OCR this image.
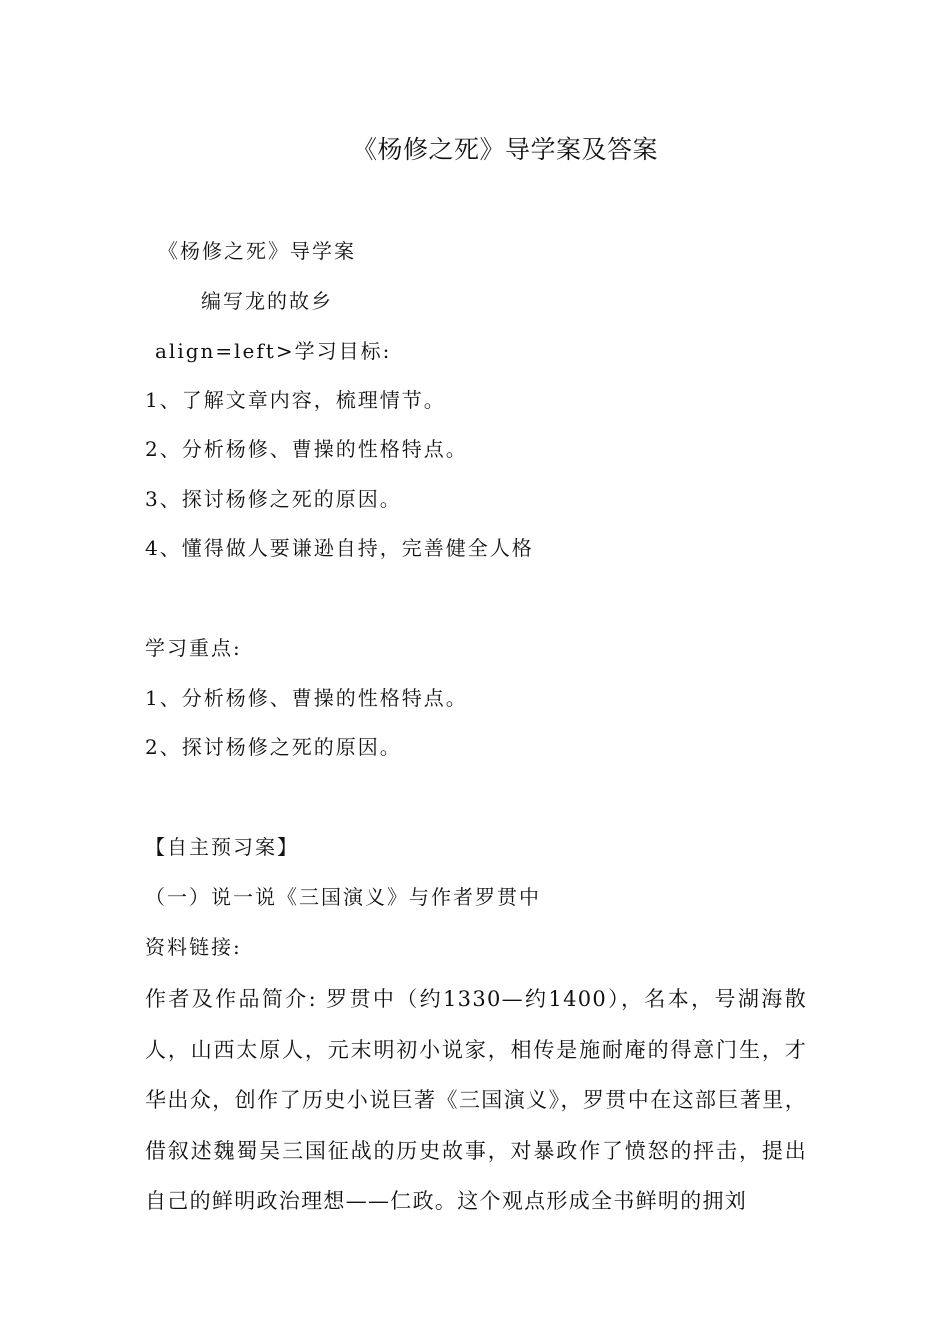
《杨修之死》导学案及答案
《杨修之死》导学案
编写龙的故乡
align=left>学习目标:
1、了解文章内容，梳理情节。
2、分析杨修、曹操的性格特点。
3、探讨杨修之死的原因。
4、懂得做人要谦逊自持，完善健全人格
学习重点:
1、分析杨修、曹操的性格特点。
2、探讨杨修之死的原因。
【自主预习案】
（一）说一说《三国演义》与作者罗贯中
资料链接:
作者及作品简介: 罗贯中（约1330—约1400），名本，号湖海散人，山西太原人，元末明初小说家，相传是施耐庵的得意门生，才华出众，创作了历史小说巨著《三国演义》，罗贯中在这部巨著里，借叙述魏蜀吴三国征战的历史故事，对暴政作了愤怒的抨击，提出自己的鲜明政治理想——仁政。这个观点形成全书鲜明的拥刘
